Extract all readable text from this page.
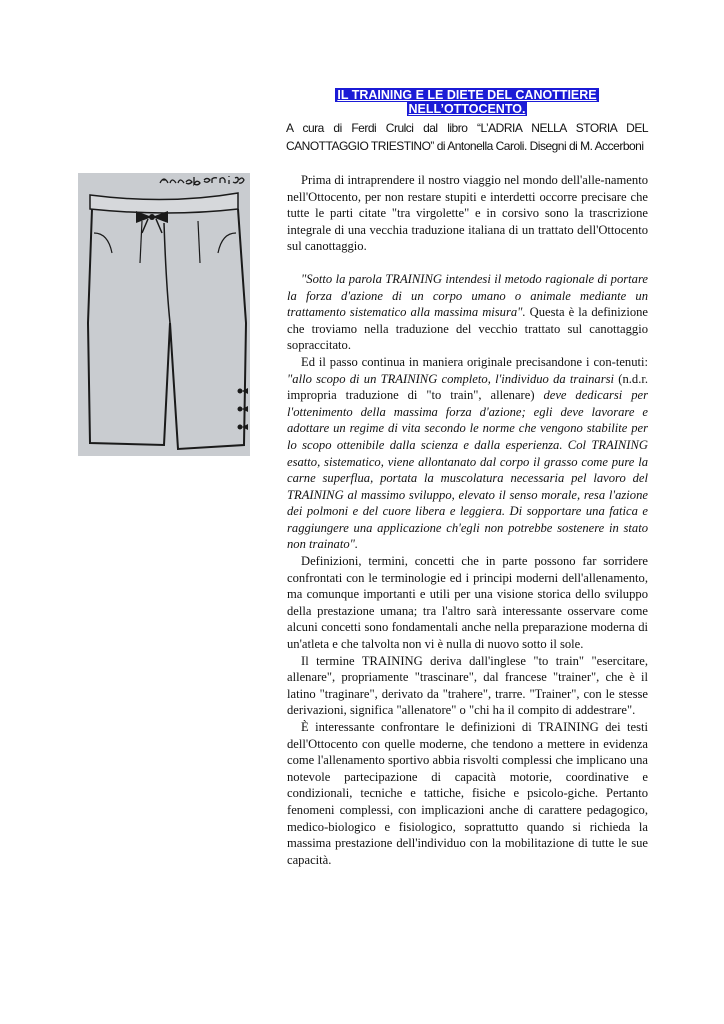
IL TRAINING E LE DIETE DEL CANOTTIERE
NELL’OTTOCENTO.
A cura di Ferdi Crulci dal libro “L’ADRIA NELLA STORIA DEL
CANOTTAGGIO TRIESTINO” di Antonella Caroli. Disegni di M. Accerboni

Prima di intraprendere il nostro viaggio nel mondo dell'alle-namento nell'Ottocento, per non restare stupiti e interdetti occorre precisare che tutte le parti citate "tra virgolette" e in corsivo sono la trascrizione integrale di una vecchia traduzione italiana di un trattato dell'Ottocento sul canottaggio.

"Sotto la parola TRAINING intendesi il metodo ragionale di portare la forza d'azione di un corpo umano o animale mediante un trattamento sistematico alla massima misura". Questa è la definizione che troviamo nella traduzione del vecchio trattato sul canottaggio sopraccitato.

Ed il passo continua in maniera originale precisandone i con-tenuti: "allo scopo di un TRAINING completo, l'individuo da trainarsi (n.d.r. impropria traduzione di "to train", allenare) deve dedicarsi per l'ottenimento della massima forza d'azione; egli deve lavorare e adottare un regime di vita secondo le norme che vengono stabilite per lo scopo ottenibile dalla scienza e dalla esperienza. Col TRAINING esatto, sistematico, viene allontanato dal corpo il grasso come pure la carne superflua, portata la muscolatura necessaria pel lavoro del TRAINING al massimo sviluppo, elevato il senso morale, resa l'azione dei polmoni e del cuore libera e leggiera. Di sopportare una fatica e raggiungere una applicazione ch'egli non potrebbe sostenere in stato non trainato".

Definizioni, termini, concetti che in parte possono far sorridere confrontati con le terminologie ed i principi moderni dell'allenamento, ma comunque importanti e utili per una visione storica dello sviluppo della prestazione umana; tra l'altro sarà interessante osservare come alcuni concetti sono fondamentali anche nella preparazione moderna di un'atleta e che talvolta non vi è nulla di nuovo sotto il sole.

Il termine TRAINING deriva dall'inglese "to train" "esercitare, allenare", propriamente "trascinare", dal francese "trainer", che è il latino "traginare", derivato da "trahere", trarre. "Trainer", con le stesse derivazioni, significa "allenatore" o "chi ha il compito di addestrare".

È interessante confrontare le definizioni di TRAINING dei testi dell'Ottocento con quelle moderne, che tendono a mettere in evidenza come l'allenamento sportivo abbia risvolti complessi che implicano una notevole partecipazione di capacità motorie, coordinative e condizionali, tecniche e tattiche, fisiche e psicolo-giche. Pertanto fenomeni complessi, con implicazioni anche di carattere pedagogico, medico-biologico e fisiologico, soprattutto quando si richieda la massima prestazione dell'individuo con la mobilitazione di tutte le sue capacità.
